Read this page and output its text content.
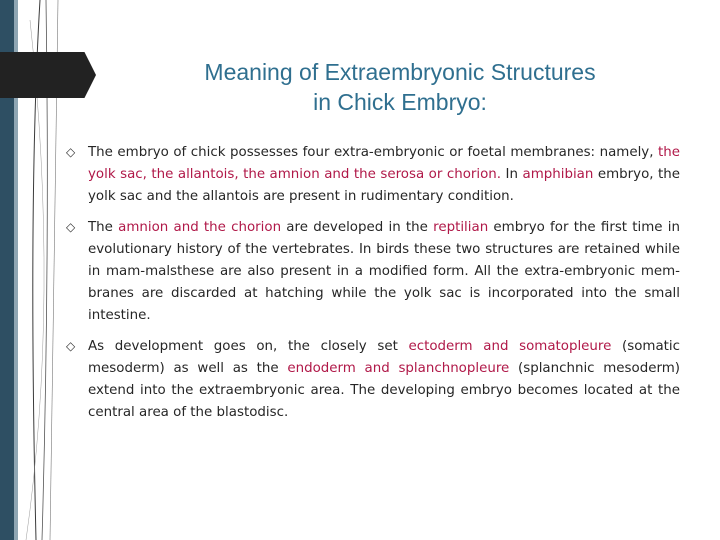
Meaning of Extraembryonic Structures
in Chick Embryo:
◇ The embryo of chick possesses four extra-embryonic or foetal membranes: namely, the yolk sac, the allantois, the amnion and the serosa or chorion. In amphibian embryo, the yolk sac and the allantois are present in rudimentary condition.
◇ The amnion and the chorion are developed in the reptilian embryo for the first time in evolutionary history of the vertebrates. In birds these two structures are retained while in mam-malsthese are also present in a modified form. All the extra-embryonic mem-branes are discarded at hatching while the yolk sac is incorporated into the small intestine.
◇ As development goes on, the closely set ectoderm and somatopleure (somatic mesoderm) as well as the endoderm and splanchnopleure (splanchnic mesoderm) extend into the extraembryonic area. The developing embryo becomes located at the central area of the blastodisc.
